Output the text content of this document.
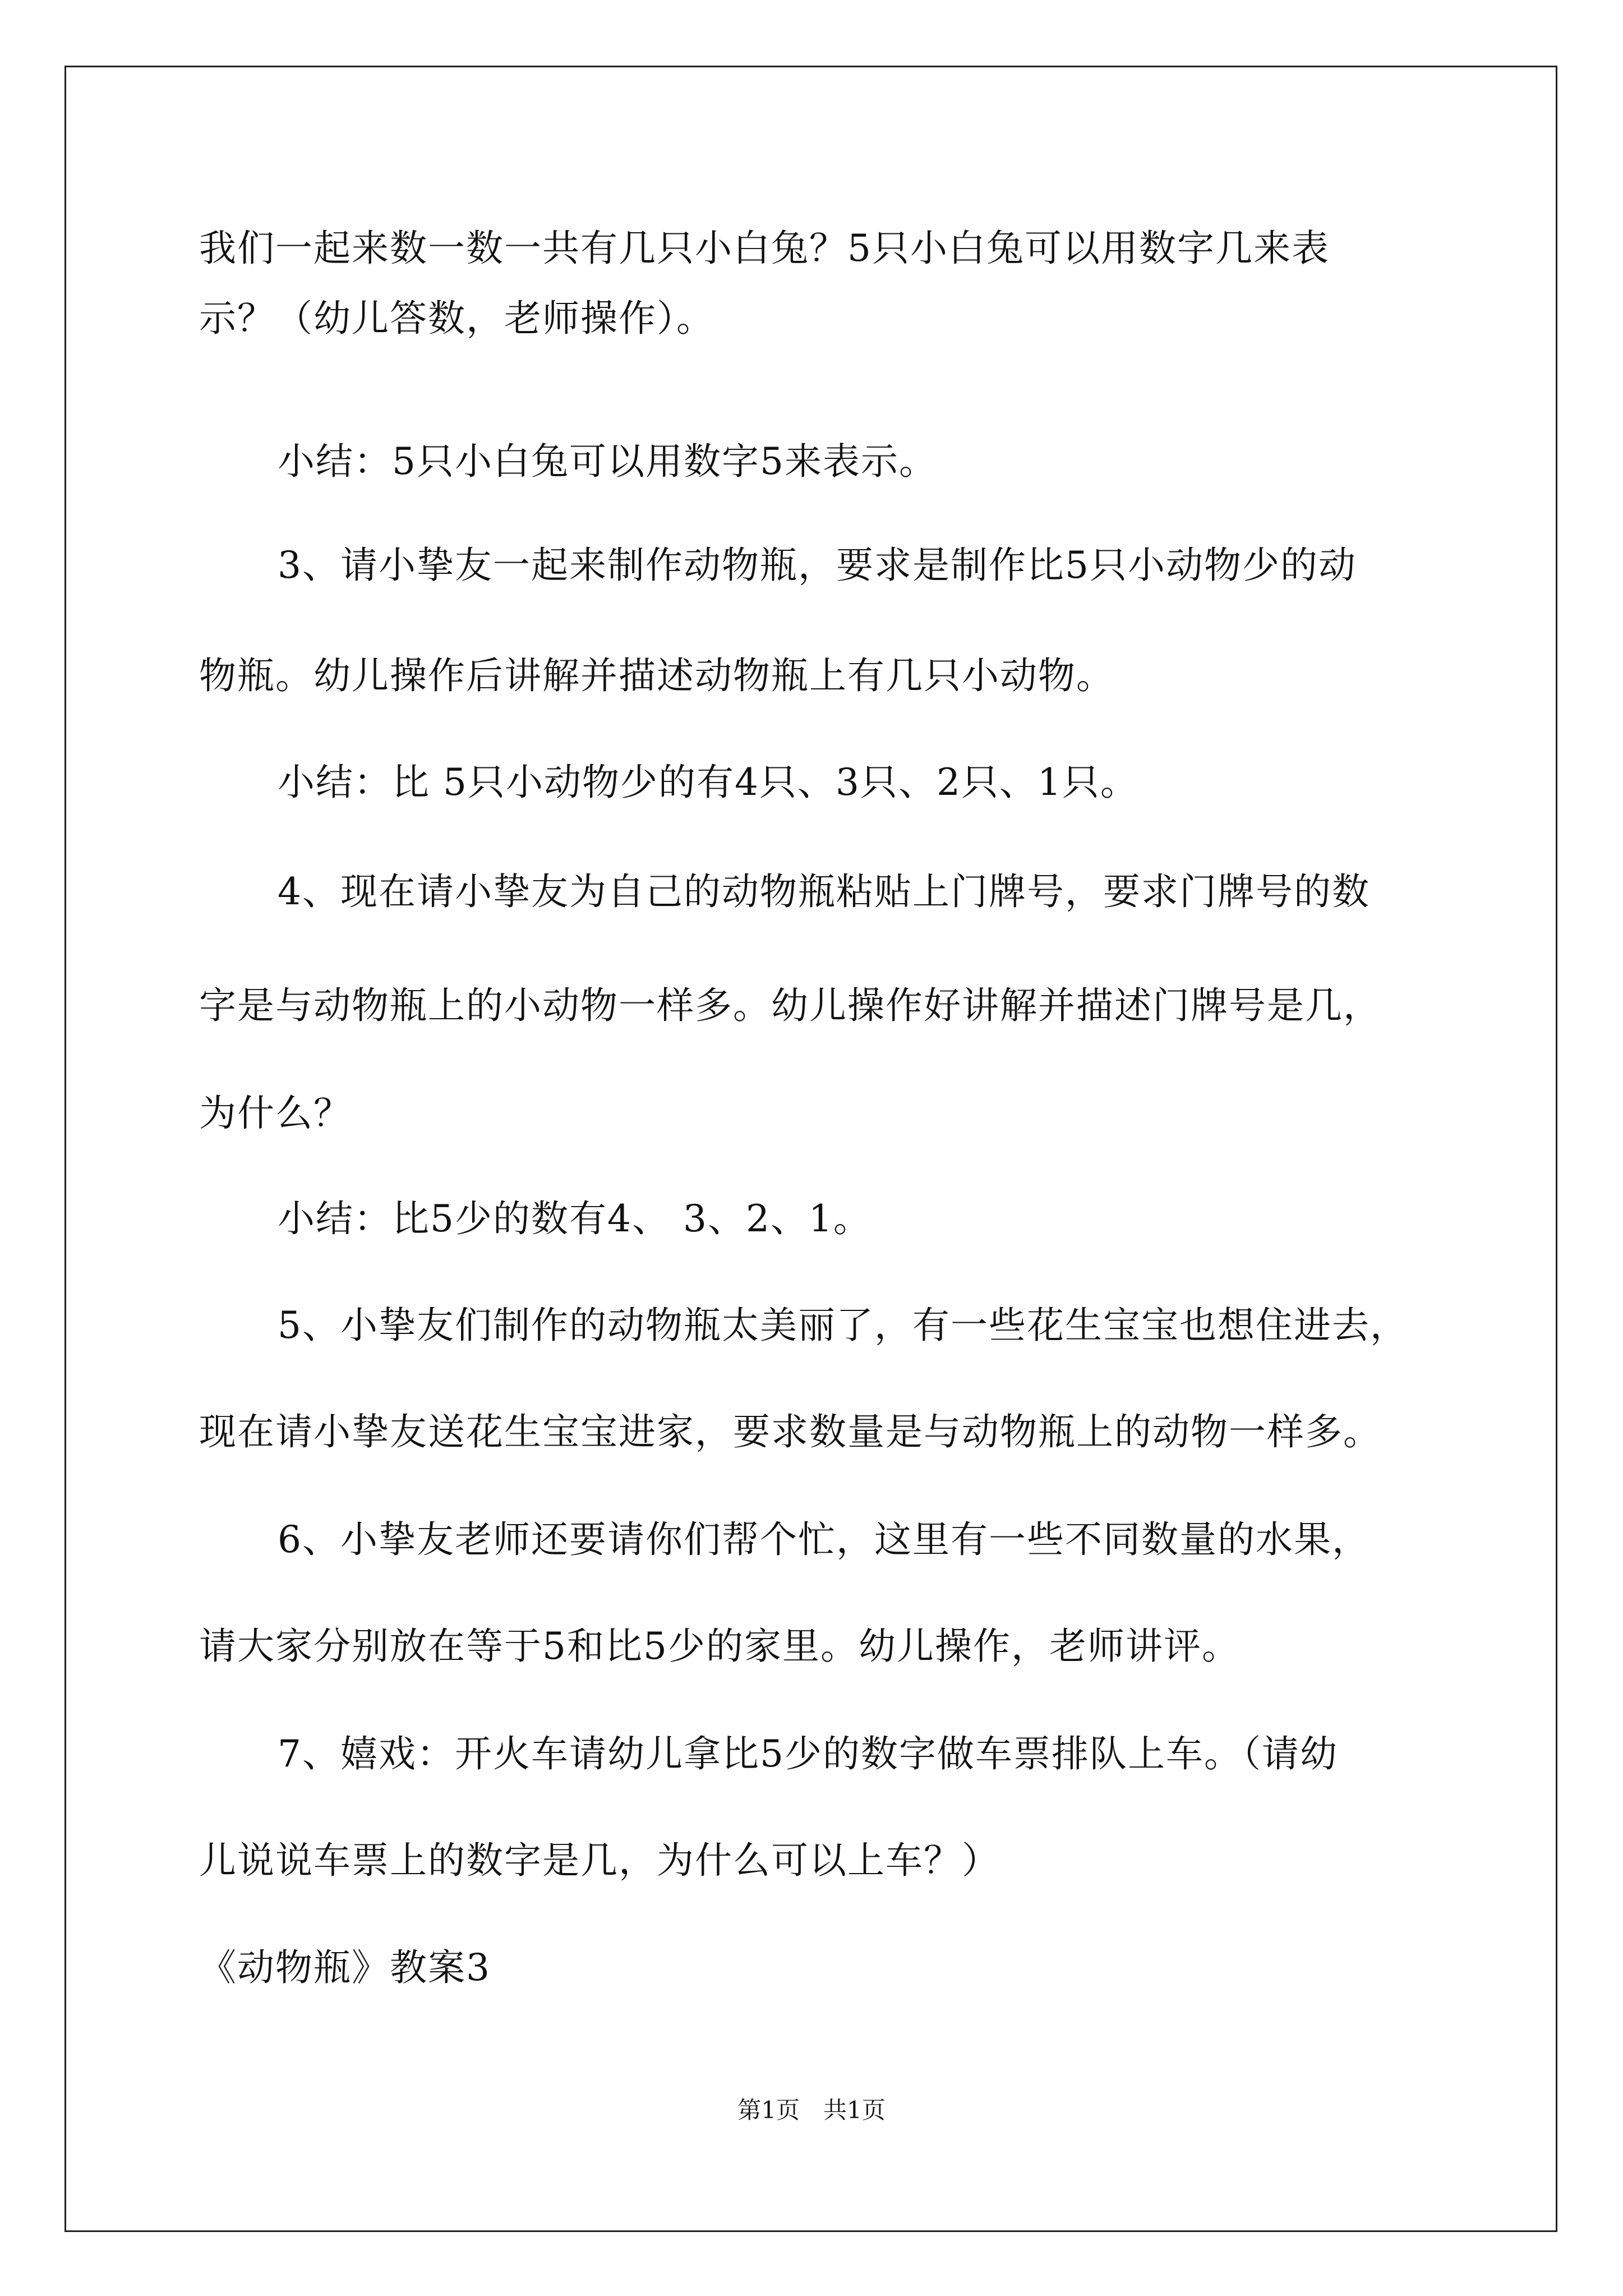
我们一起来数一数一共有几只小白兔？5只小白兔可以用数字几来表

示？（幼儿答数，老师操作）。

小结：5只小白兔可以用数字5来表示。

3、请小挚友一起来制作动物瓶，要求是制作比5只小动物少的动

物瓶。幼儿操作后讲解并描述动物瓶上有几只小动物。

小结：比 5只小动物少的有4只、3只、2只、1只。

4、现在请小挚友为自己的动物瓶粘贴上门牌号，要求门牌号的数

字是与动物瓶上的小动物一样多。幼儿操作好讲解并描述门牌号是几，

为什么？

小结：比5少的数有4、 3、2、1。

5、小挚友们制作的动物瓶太美丽了，有一些花生宝宝也想住进去，

现在请小挚友送花生宝宝进家，要求数量是与动物瓶上的动物一样多。

6、小挚友老师还要请你们帮个忙，这里有一些不同数量的水果，

请大家分别放在等于5和比5少的家里。幼儿操作，老师讲评。

7、嬉戏：开火车请幼儿拿比5少的数字做车票排队上车。（请幼

儿说说车票上的数字是几，为什么可以上车？）

《动物瓶》教案3

第1页　共1页
